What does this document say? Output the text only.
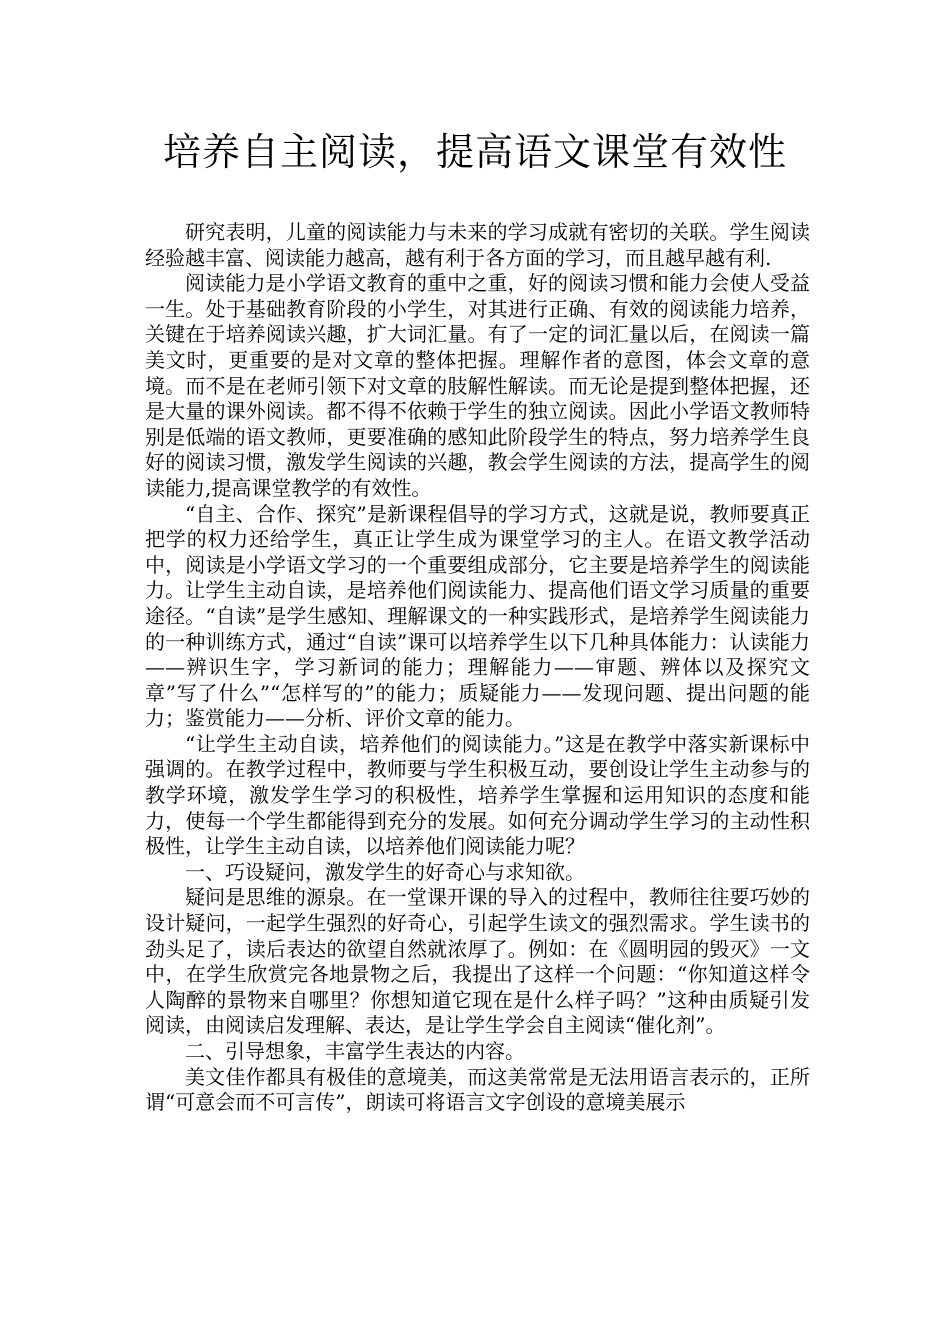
培养自主阅读，提高语文课堂有效性

研究表明，儿童的阅读能力与未来的学习成就有密切的关联。学生阅读经验越丰富、阅读能力越高，越有利于各方面的学习，而且越早越有利.

阅读能力是小学语文教育的重中之重，好的阅读习惯和能力会使人受益一生。处于基础教育阶段的小学生，对其进行正确、有效的阅读能力培养，关键在于培养阅读兴趣，扩大词汇量。有了一定的词汇量以后，在阅读一篇美文时，更重要的是对文章的整体把握。理解作者的意图，体会文章的意境。而不是在老师引领下对文章的肢解性解读。而无论是提到整体把握，还是大量的课外阅读。都不得不依赖于学生的独立阅读。因此小学语文教师特别是低端的语文教师，更要准确的感知此阶段学生的特点，努力培养学生良好的阅读习惯，激发学生阅读的兴趣，教会学生阅读的方法，提高学生的阅读能力,提高课堂教学的有效性。

“自主、合作、探究”是新课程倡导的学习方式，这就是说，教师要真正把学的权力还给学生，真正让学生成为课堂学习的主人。在语文教学活动中，阅读是小学语文学习的一个重要组成部分，它主要是培养学生的阅读能力。让学生主动自读，是培养他们阅读能力、提高他们语文学习质量的重要途径。“自读”是学生感知、理解课文的一种实践形式，是培养学生阅读能力的一种训练方式，通过“自读”课可以培养学生以下几种具体能力：认读能力——辨识生字，学习新词的能力；理解能力——审题、辨体以及探究文章”写了什么”“怎样写的”的能力；质疑能力——发现问题、提出问题的能力；鉴赏能力——分析、评价文章的能力。

“让学生主动自读，培养他们的阅读能力。”这是在教学中落实新课标中强调的。在教学过程中，教师要与学生积极互动，要创设让学生主动参与的教学环境，激发学生学习的积极性，培养学生掌握和运用知识的态度和能力，使每一个学生都能得到充分的发展。如何充分调动学生学习的主动性积极性，让学生主动自读，以培养他们阅读能力呢？

一、巧设疑问，激发学生的好奇心与求知欲。

疑问是思维的源泉。在一堂课开课的导入的过程中，教师往往要巧妙的设计疑问，一起学生强烈的好奇心，引起学生读文的强烈需求。学生读书的劲头足了，读后表达的欲望自然就浓厚了。例如：在《圆明园的毁灭》一文中，在学生欣赏完各地景物之后，我提出了这样一个问题：“你知道这样令人陶醉的景物来自哪里？你想知道它现在是什么样子吗？”这种由质疑引发阅读，由阅读启发理解、表达，是让学生学会自主阅读“催化剂”。

二、引导想象，丰富学生表达的内容。

美文佳作都具有极佳的意境美，而这美常常是无法用语言表示的，正所谓“可意会而不可言传”，朗读可将语言文字创设的意境美展示
